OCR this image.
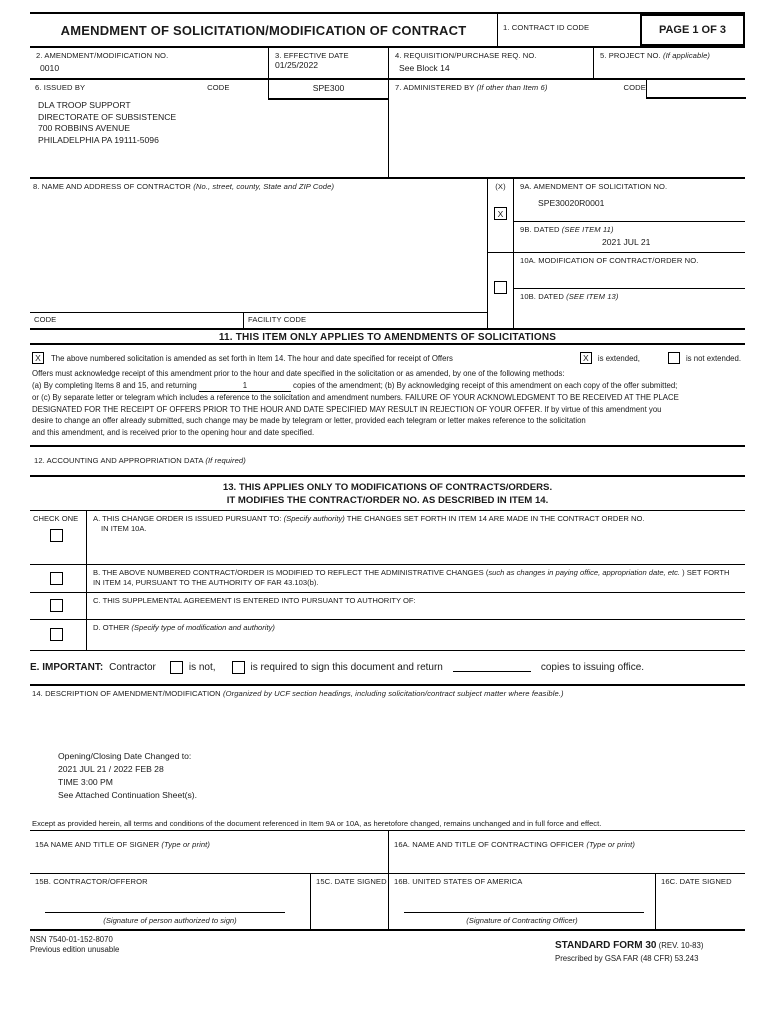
AMENDMENT OF SOLICITATION/MODIFICATION OF CONTRACT	1. CONTRACT ID CODE	PAGE 1 OF 3
2. AMENDMENT/MODIFICATION NO.
0010
3. EFFECTIVE DATE
01/25/2022
4. REQUISITION/PURCHASE REQ. NO.
See Block 14
5. PROJECT NO. (If applicable)
6. ISSUED BY	CODE	SPE300
DLA TROOP SUPPORT
DIRECTORATE OF SUBSISTENCE
700 ROBBINS AVENUE
PHILADELPHIA PA 19111-5096
7. ADMINISTERED BY (If other than Item 6)	CODE
8. NAME AND ADDRESS OF CONTRACTOR (No., street, county, State and ZIP Code)
CODE	FACILITY CODE
(X)
X
9A. AMENDMENT OF SOLICITATION NO.
SPE30020R0001
9B. DATED (SEE ITEM 11)
2021 JUL 21
10A. MODIFICATION OF CONTRACT/ORDER NO.
10B. DATED (SEE ITEM 13)
11. THIS ITEM ONLY APPLIES TO AMENDMENTS OF SOLICITATIONS
X	The above numbered solicitation is amended as set forth in Item 14. The hour and date specified for receipt of Offers	X	is extended,	is not extended.
Offers must acknowledge receipt of this amendment prior to the hour and date specified in the solicitation or as amended, by one of the following methods:
(a) By completing Items 8 and 15, and returning	1	copies of the amendment; (b) By acknowledging receipt of this amendment on each copy of the offer submitted;
or (c) By separate letter or telegram which includes a reference to the solicitation and amendment numbers. FAILURE OF YOUR ACKNOWLEDGMENT TO BE RECEIVED AT THE PLACE
DESIGNATED FOR THE RECEIPT OF OFFERS PRIOR TO THE HOUR AND DATE SPECIFIED MAY RESULT IN REJECTION OF YOUR OFFER. If by virtue of this amendment you
desire to change an offer already submitted, such change may be made by telegram or letter, provided each telegram or letter makes reference to the solicitation
and this amendment, and is received prior to the opening hour and date specified.
12. ACCOUNTING AND APPROPRIATION DATA (If required)
13. THIS APPLIES ONLY TO MODIFICATIONS OF CONTRACTS/ORDERS.
IT MODIFIES THE CONTRACT/ORDER NO. AS DESCRIBED IN ITEM 14.
CHECK ONE	A. THIS CHANGE ORDER IS ISSUED PURSUANT TO: (Specify authority) THE CHANGES SET FORTH IN ITEM 14 ARE MADE IN THE CONTRACT ORDER NO.
IN ITEM 10A.
B. THE ABOVE NUMBERED CONTRACT/ORDER IS MODIFIED TO REFLECT THE ADMINISTRATIVE CHANGES (such as changes in paying office, appropriation date, etc. ) SET FORTH IN ITEM 14, PURSUANT TO THE AUTHORITY OF FAR 43.103(b).
C. THIS SUPPLEMENTAL AGREEMENT IS ENTERED INTO PURSUANT TO AUTHORITY OF:
D. OTHER (Specify type of modification and authority)
E. IMPORTANT: Contractor	is not,	is required to sign this document and return	copies to issuing office.
14. DESCRIPTION OF AMENDMENT/MODIFICATION (Organized by UCF section headings, including solicitation/contract subject matter where feasible.)
Opening/Closing Date Changed to:
2021 JUL 21 / 2022 FEB 28
TIME 3:00 PM
See Attached Continuation Sheet(s).
Except as provided herein, all terms and conditions of the document referenced in Item 9A or 10A, as heretofore changed, remains unchanged and in full force and effect.
15A NAME AND TITLE OF SIGNER (Type or print)	16A. NAME AND TITLE OF CONTRACTING OFFICER (Type or print)
15B. CONTRACTOR/OFFEROR
(Signature of person authorized to sign)
15C. DATE SIGNED 16B. UNITED STATES OF AMERICA
(Signature of Contracting Officer)
16C. DATE SIGNED
NSN 7540-01-152-8070
Previous edition unusable	STANDARD FORM 30 (REV. 10-83)
Prescribed by GSA FAR (48 CFR) 53.243
